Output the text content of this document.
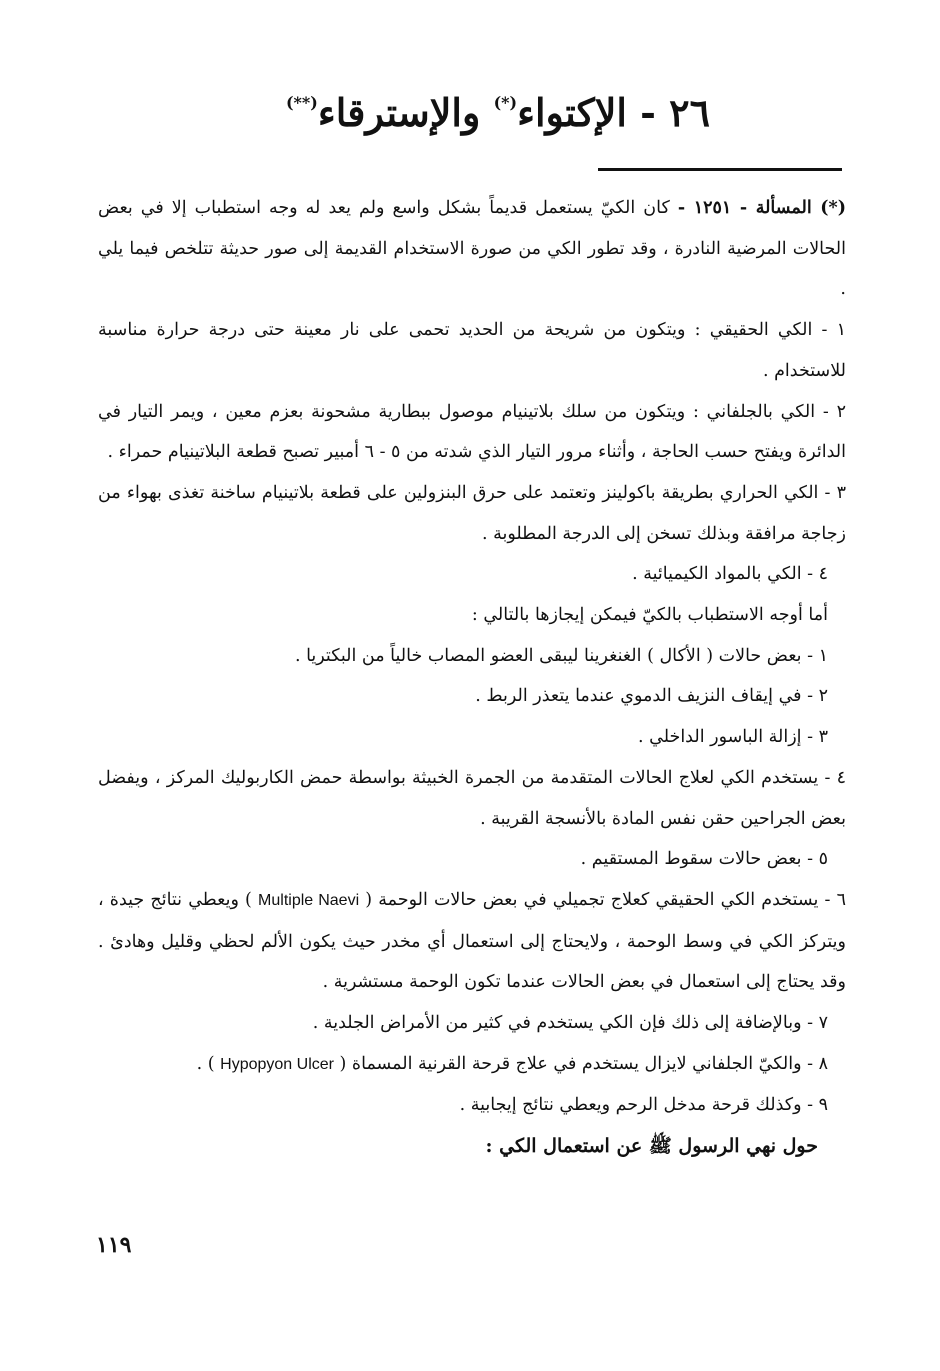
٢٦ - الإكتواء(*) والإسترقاء(**)

(*) المسألة - ١٢٥١ - كان الكيّ يستعمل قديماً بشكل واسع ولم يعد له وجه استطباب إلا في بعض الحالات المرضية النادرة ، وقد تطور الكي من صورة الاستخدام القديمة إلى صور حديثة تتلخص فيما يلي .

١ - الكي الحقيقي : ويتكون من شريحة من الحديد تحمى على نار معينة حتى درجة حرارة مناسبة للاستخدام .

٢ - الكي بالجلفاني : ويتكون من سلك بلاتينيام موصول ببطارية مشحونة بعزم معين ، ويمر التيار في الدائرة ويفتح حسب الحاجة ، وأثناء مرور التيار الذي شدته من ٥ - ٦ أمبير تصبح قطعة البلاتينيام حمراء .

٣ - الكي الحراري بطريقة باكولينز وتعتمد على حرق البنزولين على قطعة بلاتينيام ساخنة تغذى بهواء من زجاجة مرافقة وبذلك تسخن إلى الدرجة المطلوبة .

٤ - الكي بالمواد الكيميائية .

أما أوجه الاستطباب بالكيّ فيمكن إيجازها بالتالي :

١ - بعض حالات ( الأكال ) الغنغرينا ليبقى العضو المصاب خالياً من البكتريا .

٢ - في إيقاف النزيف الدموي عندما يتعذر الربط .

٣ - إزالة الباسور الداخلي .

٤ - يستخدم الكي لعلاج الحالات المتقدمة من الجمرة الخبيثة بواسطة حمض الكاربوليك المركز ، ويفضل بعض الجراحين حقن نفس المادة بالأنسجة القريبة .

٥ - بعض حالات سقوط المستقيم .

٦ - يستخدم الكي الحقيقي كعلاج تجميلي في بعض حالات الوحمة ( Multiple Naevi ) ويعطي نتائج جيدة ، ويتركز الكي في وسط الوحمة ، ولايحتاج إلى استعمال أي مخدر حيث يكون الألم لحظي وقليل وهادئ . وقد يحتاج إلى استعمال في بعض الحالات عندما تكون الوحمة مستشرية .

٧ - وبالإضافة إلى ذلك فإن الكي يستخدم في كثير من الأمراض الجلدية .

٨ - والكيّ الجلفاني لايزال يستخدم في علاج قرحة القرنية المسماة ( Hypopyon Ulcer ) .

٩ - وكذلك قرحة مدخل الرحم ويعطي نتائج إيجابية .

حول نهي الرسول ﷺ عن استعمال الكي :

١١٩
